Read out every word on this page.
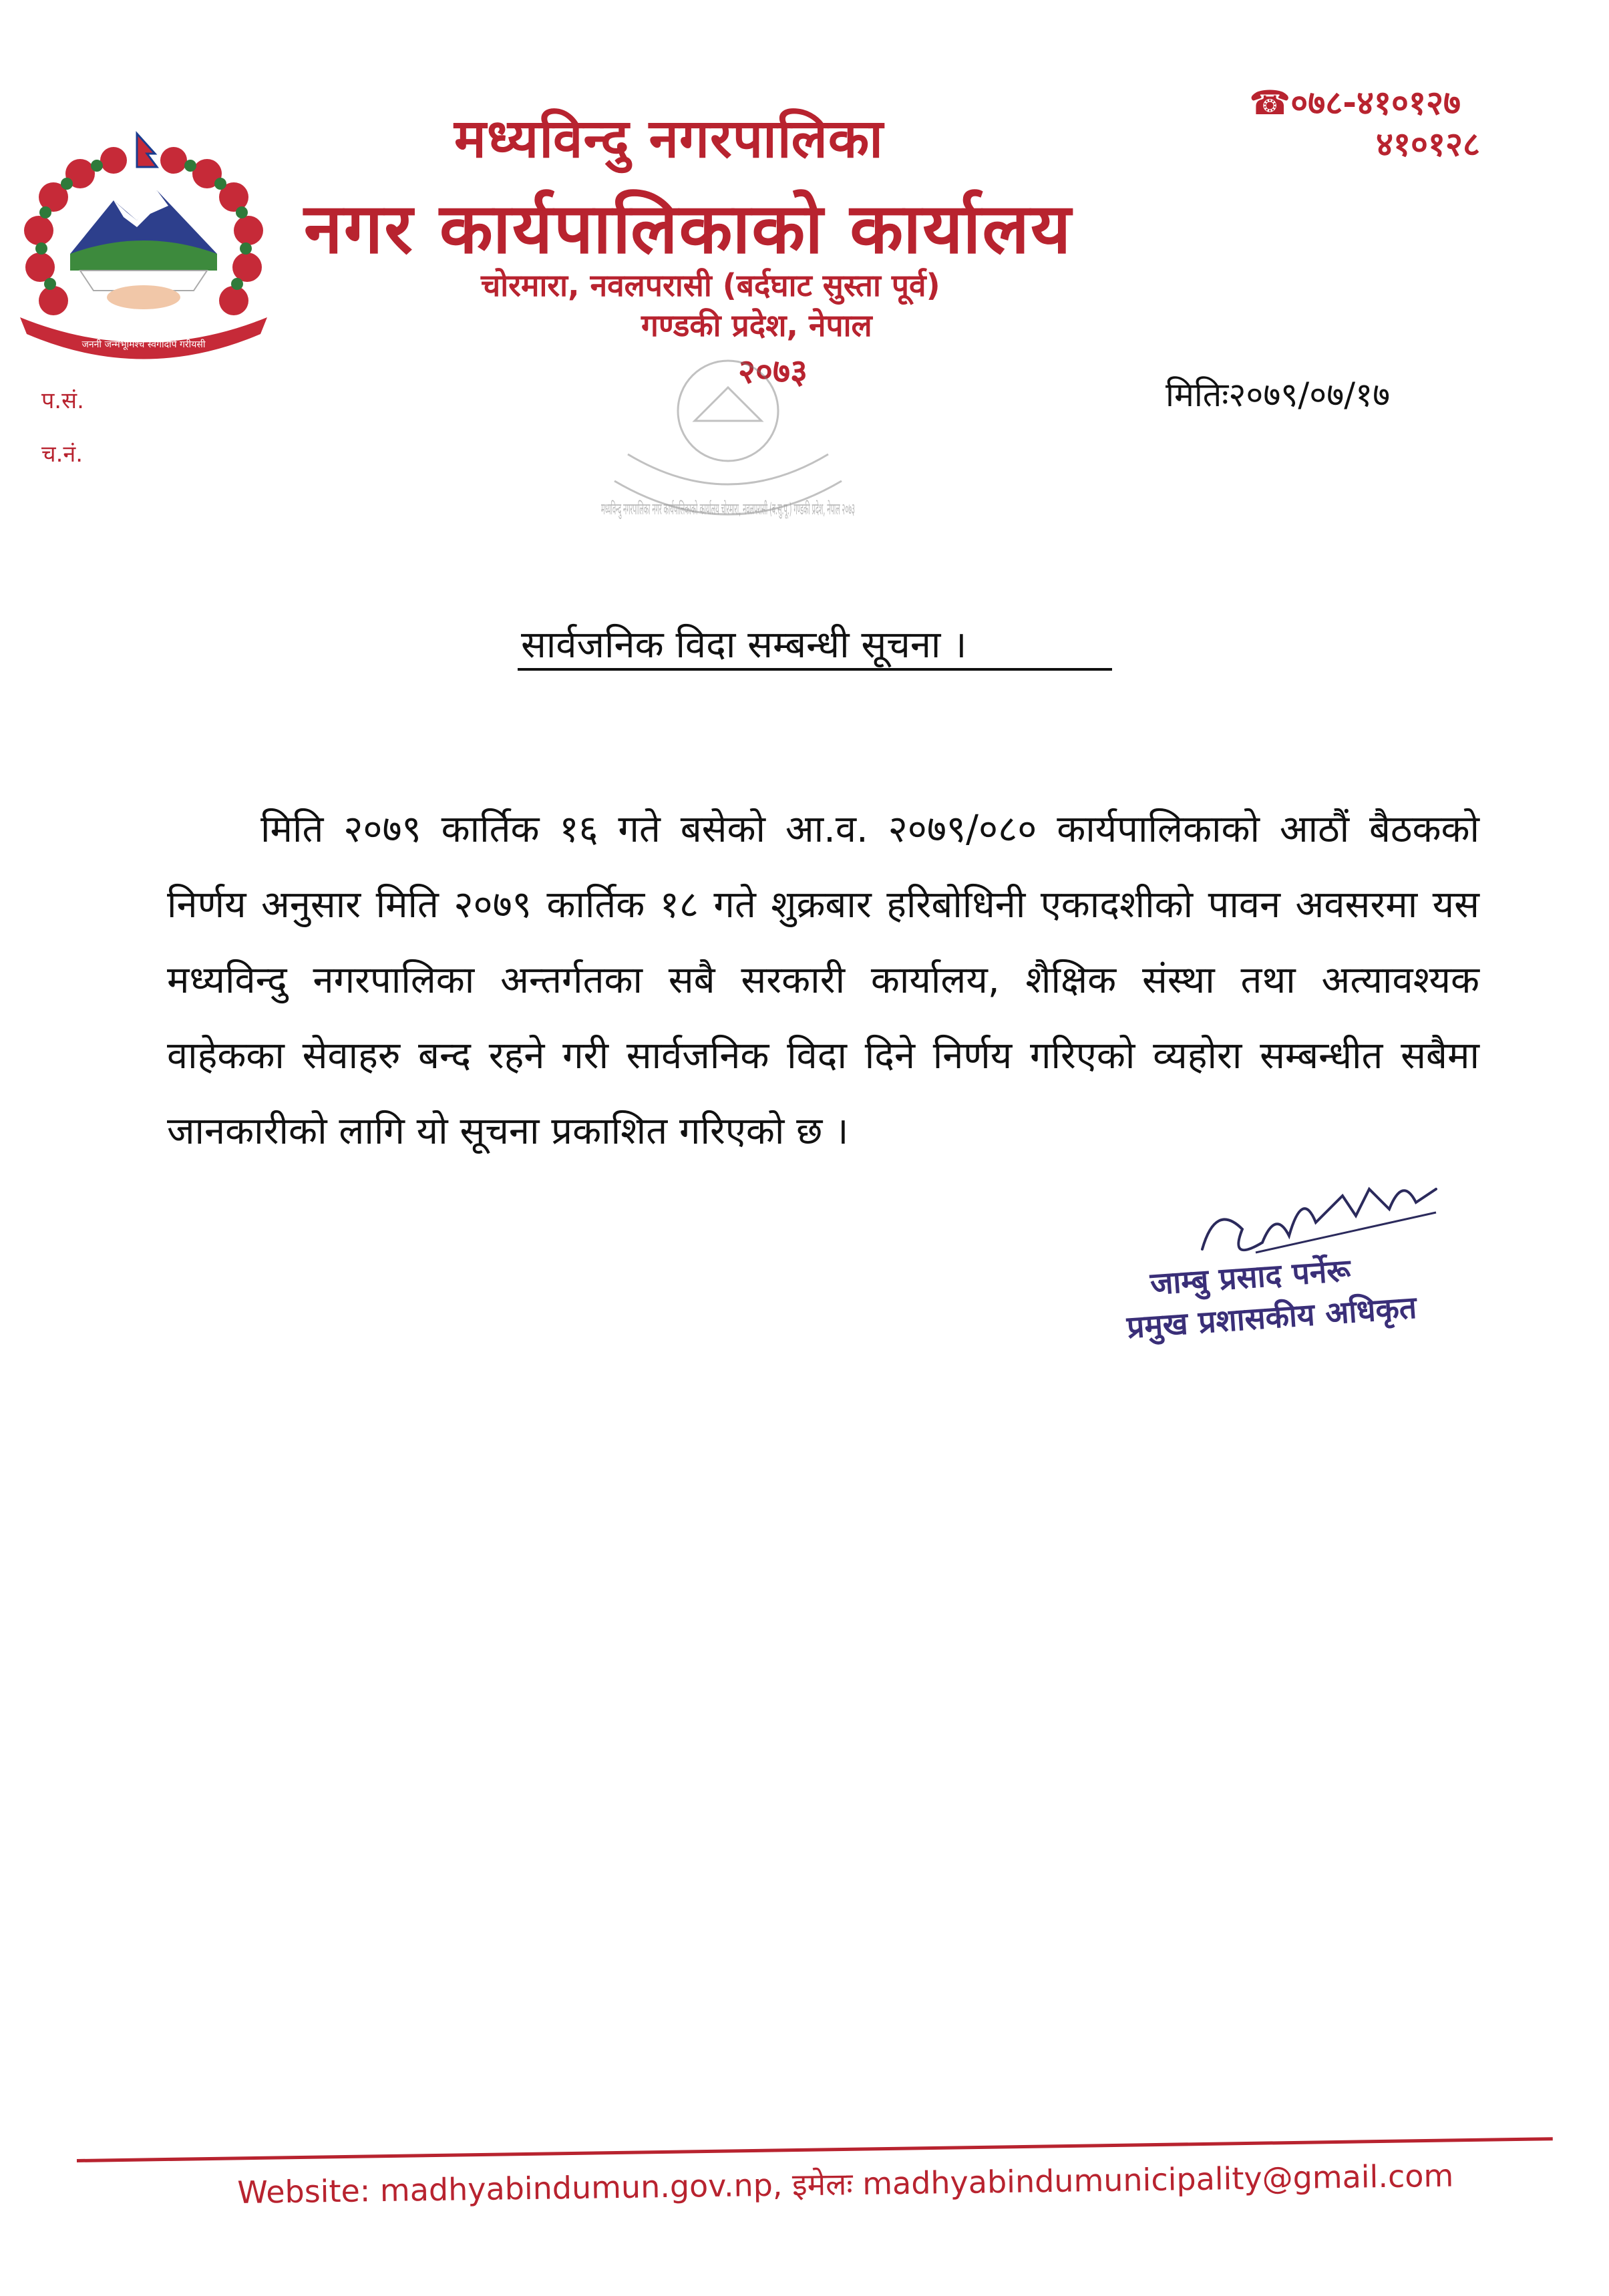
जननी जन्मभूमिश्च स्वर्गादपि गरीयसी
मध्यविन्दु नगरपालिका
नगर कार्यपालिकाको कार्यालय
चोरमारा, नवलपरासी (बर्दघाट सुस्ता पूर्व)
गण्डकी प्रदेश, नेपाल
२०७३
☎०७८-४१०१२७
४१०१२८
प.सं.
च.नं.
मितिः२०७९/०७/१७
मध्यविन्दु नगरपालिका नगर कार्यपालिकाको कार्यालय चोरमारा, नवलपरासी (ब.सु.पू.) गण्डकी प्रदेश, नेपाल २०७३
सार्वजनिक विदा सम्बन्धी सूचना ।
मिति २०७९ कार्तिक १६ गते बसेको आ.व. २०७९/०८० कार्यपालिकाको आठौं बैठकको निर्णय अनुसार मिति २०७९ कार्तिक १८ गते शुक्रबार हरिबोधिनी एकादशीको पावन अवसरमा यस मध्यविन्दु नगरपालिका अन्तर्गतका सबै सरकारी कार्यालय, शैक्षिक संस्था तथा अत्यावश्यक वाहेकका सेवाहरु बन्द रहने गरी सार्वजनिक विदा दिने निर्णय गरिएको व्यहोरा सम्बन्धीत सबैमा जानकारीको लागि यो सूचना प्रकाशित गरिएको छ ।
जाम्बु प्रसाद पर्नेरू
प्रमुख प्रशासकीय अधिकृत
Website: madhyabindumun.gov.np, इमेलः madhyabindumunicipality@gmail.com
